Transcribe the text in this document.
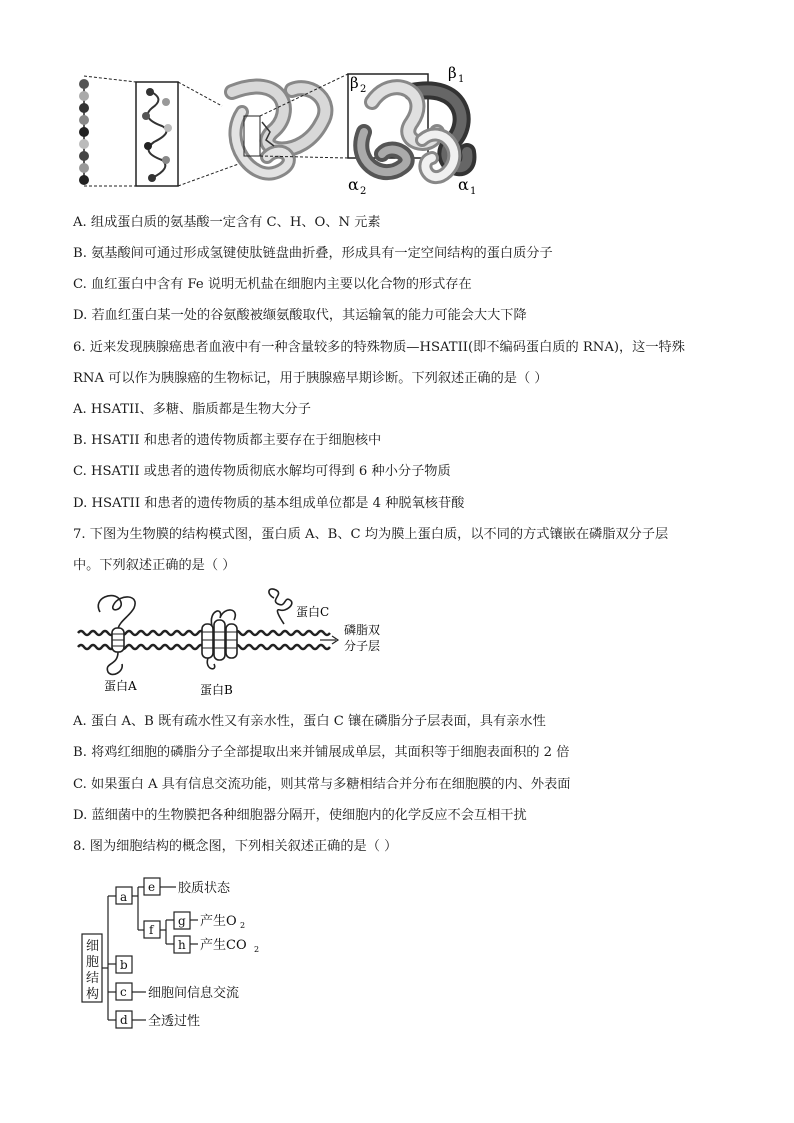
β 2
β 1
α 2	α 1
A. 组成蛋白质的氨基酸一定含有 C、H、O、N 元素
B. 氨基酸间可通过形成氢键使肽链盘曲折叠，形成具有一定空间结构的蛋白质分子
C. 血红蛋白中含有 Fe 说明无机盐在细胞内主要以化合物的形式存在
D. 若血红蛋白某一处的谷氨酸被缬氨酸取代，其运输氧的能力可能会大大下降
6. 近来发现胰腺癌患者血液中有一种含量较多的特殊物质—HSATII(即不编码蛋白质的 RNA)，这一特殊
RNA 可以作为胰腺癌的生物标记，用于胰腺癌早期诊断。下列叙述正确的是（ ）
A. HSATII、多糖、脂质都是生物大分子
B. HSATII 和患者的遗传物质都主要存在于细胞核中
C. HSATII 或患者的遗传物质彻底水解均可得到 6 种小分子物质
D. HSATII 和患者的遗传物质的基本组成单位都是 4 种脱氧核苷酸
7. 下图为生物膜的结构模式图，蛋白质 A、B、C 均为膜上蛋白质，以不同的方式镶嵌在磷脂双分子层
中。下列叙述正确的是（ ）
蛋白C
磷脂双
分子层
蛋白A	蛋白B
A. 蛋白 A、B 既有疏水性又有亲水性，蛋白 C 镶在磷脂分子层表面，具有亲水性
B. 将鸡红细胞的磷脂分子全部提取出来并铺展成单层，其面积等于细胞表面积的 2 倍
C. 如果蛋白 A 具有信息交流功能，则其常与多糖相结合并分布在细胞膜的内、外表面
D. 蓝细菌中的生物膜把各种细胞器分隔开，使细胞内的化学反应不会互相干扰
8. 图为细胞结构的概念图，下列相关叙述正确的是（ ）
细
胞
结
构
a
e
f
g
h
b
c
d
胶质状态
产生O 2
产生CO 2
细胞间信息交流
全透过性
